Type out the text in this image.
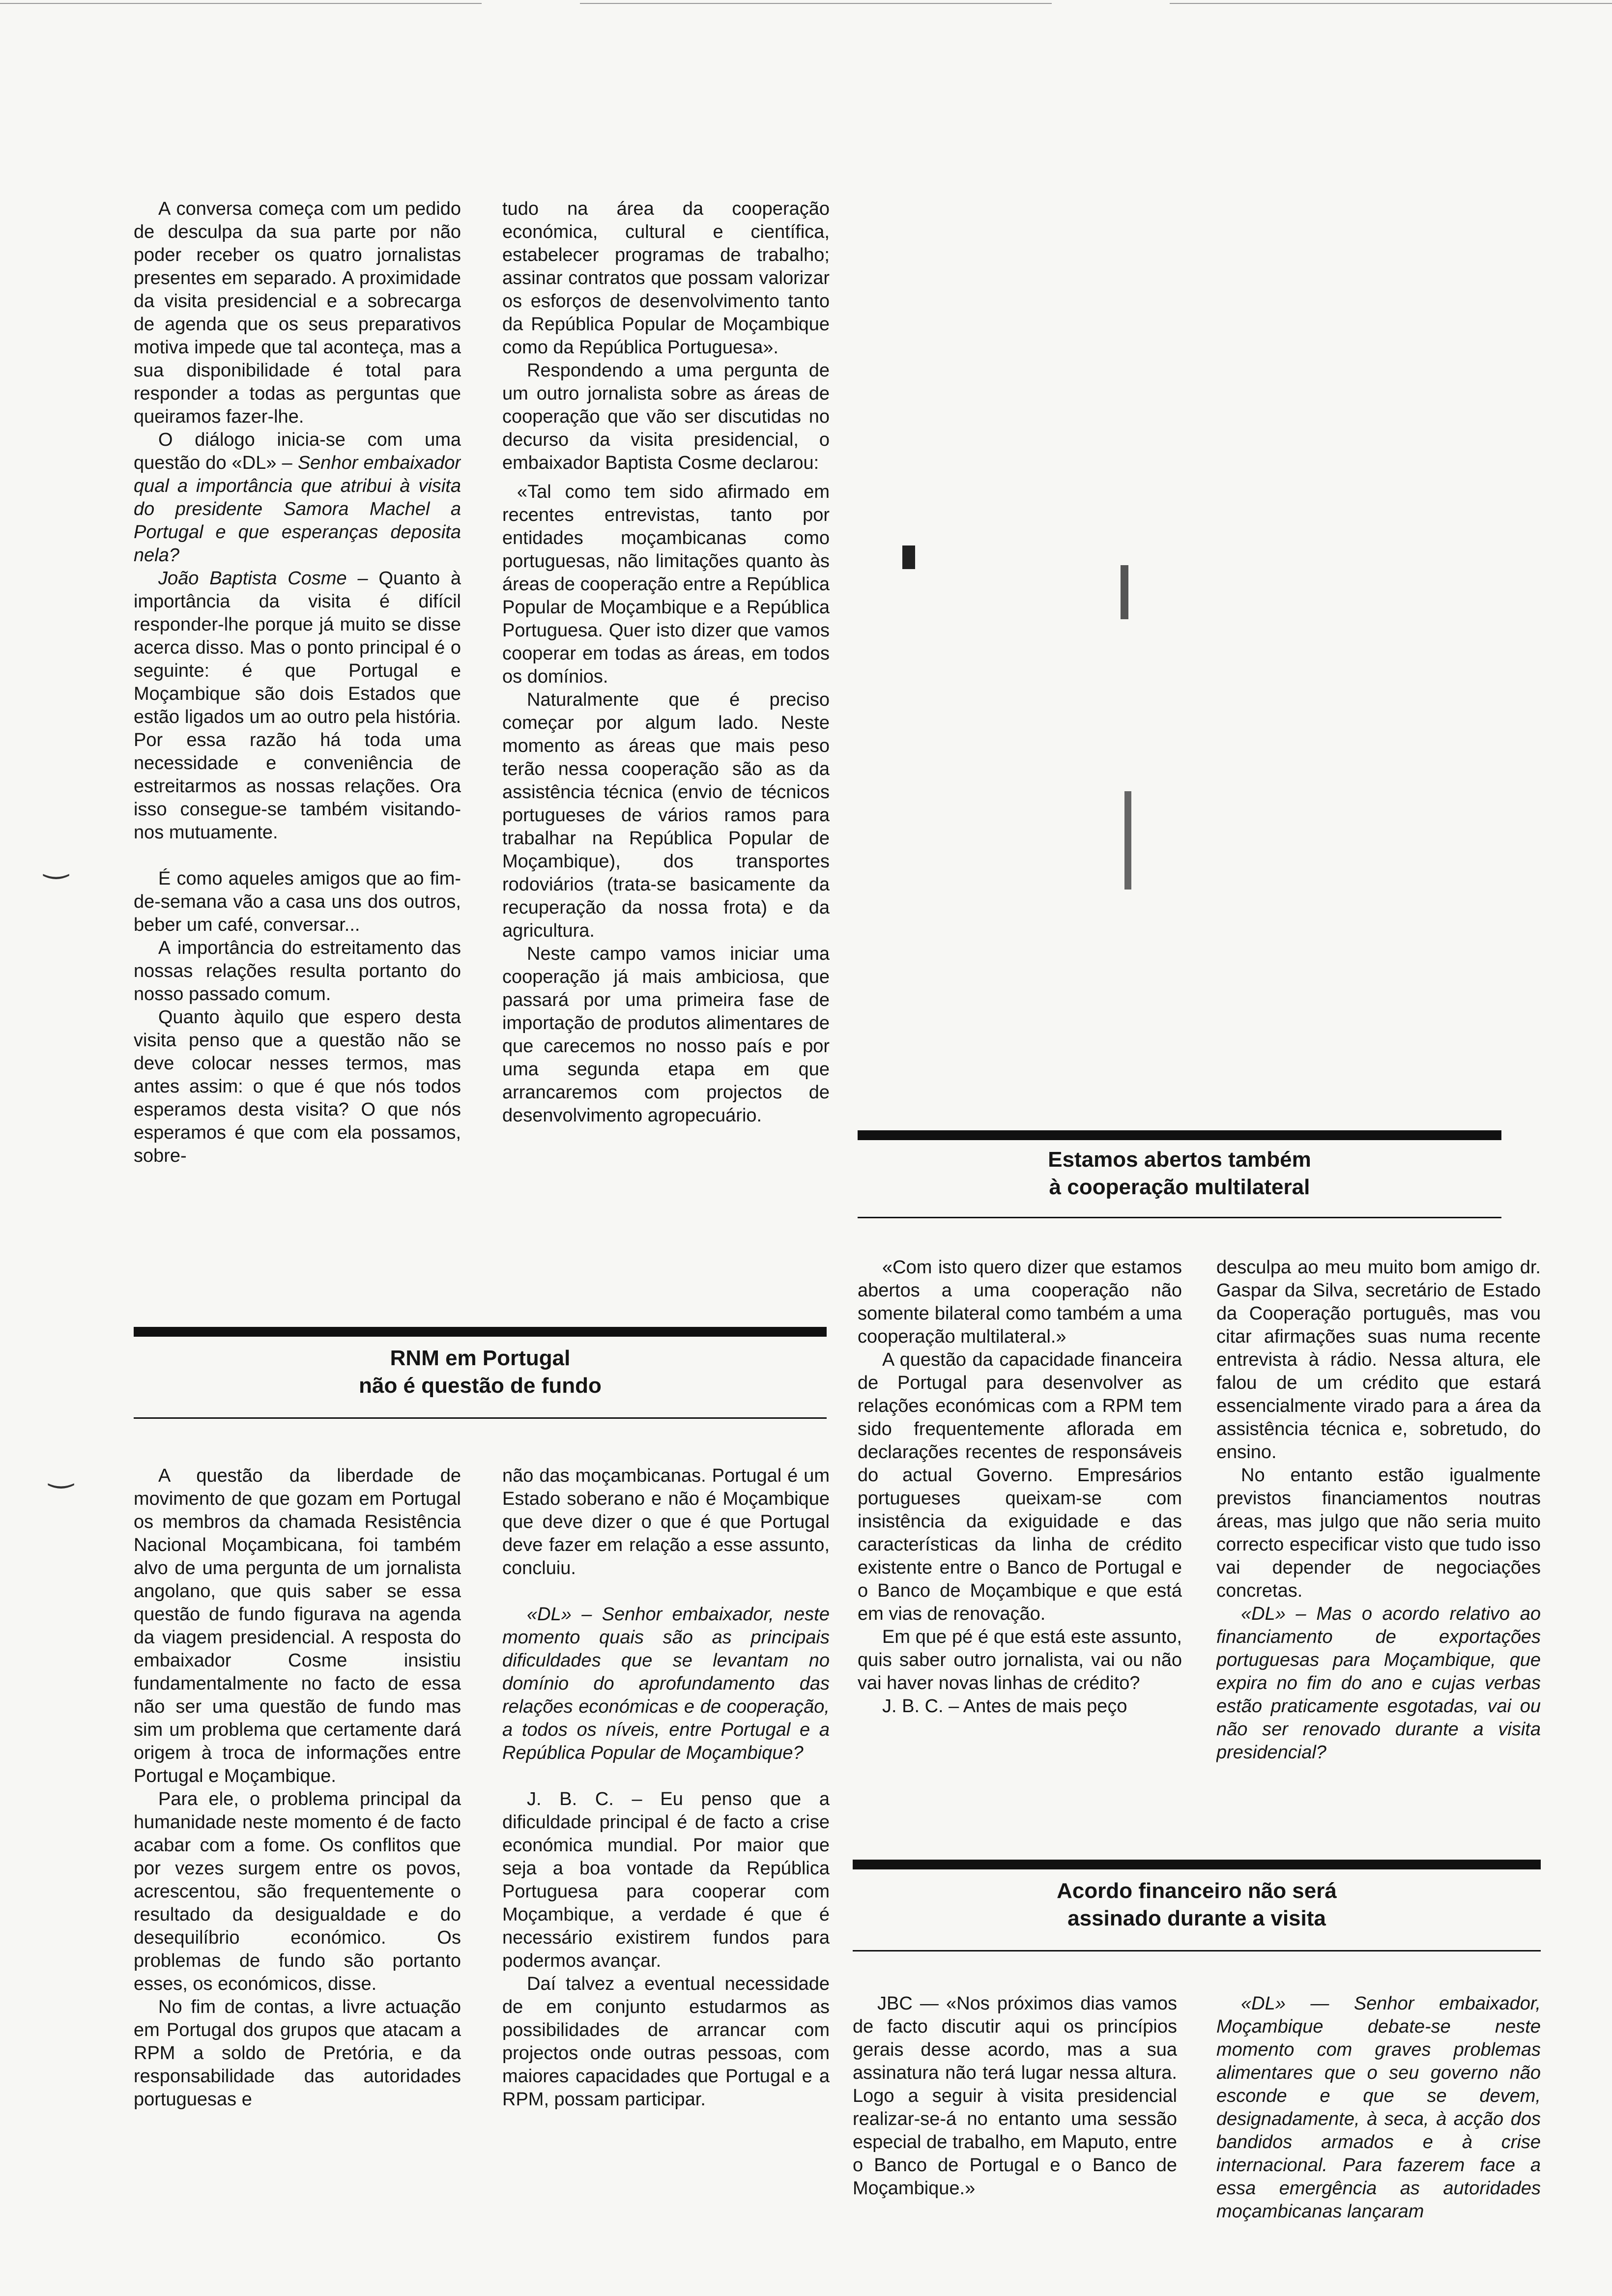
‿
‿

A conversa começa com um pedido de desculpa da sua parte por não poder receber os quatro jornalistas presentes em separado. A proximidade da visita presidencial e a sobrecarga de agenda que os seus preparativos motiva impede que tal aconteça, mas a sua disponibilidade é total para responder a todas as perguntas que queiramos fazer-lhe.

O diálogo inicia-se com uma questão do «DL» – Senhor embaixador qual a importância que atribui à visita do presidente Samora Machel a Portugal e que esperanças deposita nela?

João Baptista Cosme – Quanto à importância da visita é difícil responder-lhe porque já muito se disse acerca disso. Mas o ponto principal é o seguinte: é que Portugal e Moçambique são dois Estados que estão ligados um ao outro pela história. Por essa razão há toda uma necessidade e conveniência de estreitarmos as nossas relações. Ora isso consegue-se também visitando-nos mutuamente.

É como aqueles amigos que ao fim-de-semana vão a casa uns dos outros, beber um café, conversar...

A importância do estreitamento das nossas relações resulta portanto do nosso passado comum.

Quanto àquilo que espero desta visita penso que a questão não se deve colocar nesses termos, mas antes assim: o que é que nós todos esperamos desta visita? O que nós esperamos é que com ela possamos, sobre-

tudo na área da cooperação económica, cultural e científica, estabelecer programas de trabalho; assinar contratos que possam valorizar os esforços de desenvolvimento tanto da República Popular de Moçambique como da República Portuguesa».

Respondendo a uma pergunta de um outro jornalista sobre as áreas de cooperação que vão ser discutidas no decurso da visita presidencial, o embaixador Baptista Cosme declarou:

«Tal como tem sido afirmado em recentes entrevistas, tanto por entidades moçambicanas como portuguesas, não limitações quanto às áreas de cooperação entre a República Popular de Moçambique e a República Portuguesa. Quer isto dizer que vamos cooperar em todas as áreas, em todos os domínios.

Naturalmente que é preciso começar por algum lado. Neste momento as áreas que mais peso terão nessa cooperação são as da assistência técnica (envio de técnicos portugueses de vários ramos para trabalhar na República Popular de Moçambique), dos transportes rodoviários (trata-se basicamente da recuperação da nossa frota) e da agricultura.

Neste campo vamos iniciar uma cooperação já mais ambiciosa, que passará por uma primeira fase de importação de produtos alimentares de que carecemos no nosso país e por uma segunda etapa em que arrancaremos com projectos de desenvolvimento agropecuário.

Estamos abertos também
à cooperação multilateral

«Com isto quero dizer que estamos abertos a uma cooperação não somente bilateral como também a uma cooperação multilateral.»

A questão da capacidade financeira de Portugal para desenvolver as relações económicas com a RPM tem sido frequentemente aflorada em declarações recentes de responsáveis do actual Governo. Empresários portugueses queixam-se com insistência da exiguidade e das características da linha de crédito existente entre o Banco de Portugal e o Banco de Moçambique e que está em vias de renovação.

Em que pé é que está este assunto, quis saber outro jornalista, vai ou não vai haver novas linhas de crédito?

J. B. C. – Antes de mais peço

desculpa ao meu muito bom amigo dr. Gaspar da Silva, secretário de Estado da Cooperação português, mas vou citar afirmações suas numa recente entrevista à rádio. Nessa altura, ele falou de um crédito que estará essencialmente virado para a área da assistência técnica e, sobretudo, do ensino.

No entanto estão igualmente previstos financiamentos noutras áreas, mas julgo que não seria muito correcto especificar visto que tudo isso vai depender de negociações concretas.

«DL» – Mas o acordo relativo ao financiamento de exportações portuguesas para Moçambique, que expira no fim do ano e cujas verbas estão praticamente esgotadas, vai ou não ser renovado durante a visita presidencial?

RNM em Portugal
não é questão de fundo

A questão da liberdade de movimento de que gozam em Portugal os membros da chamada Resistência Nacional Moçambicana, foi também alvo de uma pergunta de um jornalista angolano, que quis saber se essa questão de fundo figurava na agenda da viagem presidencial. A resposta do embaixador Cosme insistiu fundamentalmente no facto de essa não ser uma questão de fundo mas sim um problema que certamente dará origem à troca de informações entre Portugal e Moçambique.

Para ele, o problema principal da humanidade neste momento é de facto acabar com a fome. Os conflitos que por vezes surgem entre os povos, acrescentou, são frequentemente o resultado da desigualdade e do desequilíbrio económico. Os problemas de fundo são portanto esses, os económicos, disse.

No fim de contas, a livre actuação em Portugal dos grupos que atacam a RPM a soldo de Pretória, e da responsabilidade das autoridades portuguesas e

não das moçambicanas. Portugal é um Estado soberano e não é Moçambique que deve dizer o que é que Portugal deve fazer em relação a esse assunto, concluiu.

«DL» – Senhor embaixador, neste momento quais são as principais dificuldades que se levantam no domínio do aprofundamento das relações económicas e de cooperação, a todos os níveis, entre Portugal e a República Popular de Moçambique?

J. B. C. – Eu penso que a dificuldade principal é de facto a crise económica mundial. Por maior que seja a boa vontade da República Portuguesa para cooperar com Moçambique, a verdade é que é necessário existirem fundos para podermos avançar.

Daí talvez a eventual necessidade de em conjunto estudarmos as possibilidades de arrancar com projectos onde outras pessoas, com maiores capacidades que Portugal e a RPM, possam participar.

Acordo financeiro não será
assinado durante a visita

JBC — «Nos próximos dias vamos de facto discutir aqui os princípios gerais desse acordo, mas a sua assinatura não terá lugar nessa altura. Logo a seguir à visita presidencial realizar-se-á no entanto uma sessão especial de trabalho, em Maputo, entre o Banco de Portugal e o Banco de Moçambique.»

«DL» — Senhor embaixador, Moçambique debate-se neste momento com graves problemas alimentares que o seu governo não esconde e que se devem, designadamente, à seca, à acção dos bandidos armados e à crise internacional. Para fazerem face a essa emergência as autoridades moçambicanas lançaram
